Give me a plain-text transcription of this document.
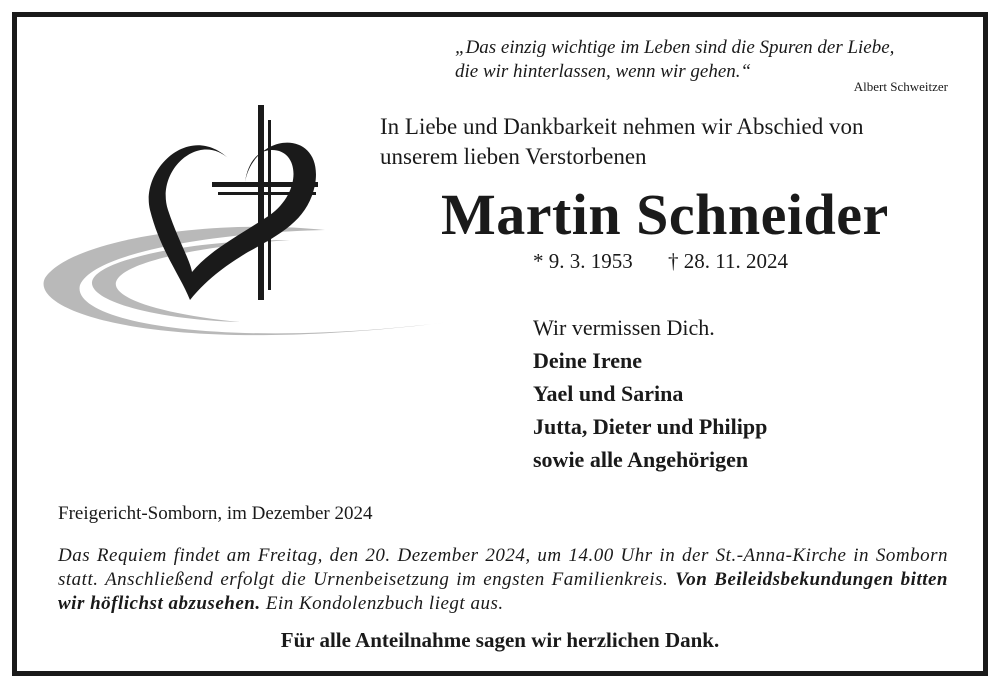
„Das einzig wichtige im Leben sind die Spuren der Liebe,
die wir hinterlassen, wenn wir gehen.“
Albert Schweitzer
In Liebe und Dankbarkeit nehmen wir Abschied von
unserem lieben Verstorbenen
Martin Schneider
* 9. 3. 1953 † 28. 11. 2024
Wir vermissen Dich.
Deine Irene
Yael und Sarina
Jutta, Dieter und Philipp
sowie alle Angehörigen
Freigericht-Somborn, im Dezember 2024
Das Requiem findet am Freitag, den 20. Dezember 2024, um 14.00 Uhr in der St.-Anna-Kirche in Somborn statt. Anschließend erfolgt die Urnenbeisetzung im engsten Familienkreis. Von Beileidsbekundungen bitten wir höflichst abzusehen. Ein Kondolenzbuch liegt aus.
Für alle Anteilnahme sagen wir herzlichen Dank.
